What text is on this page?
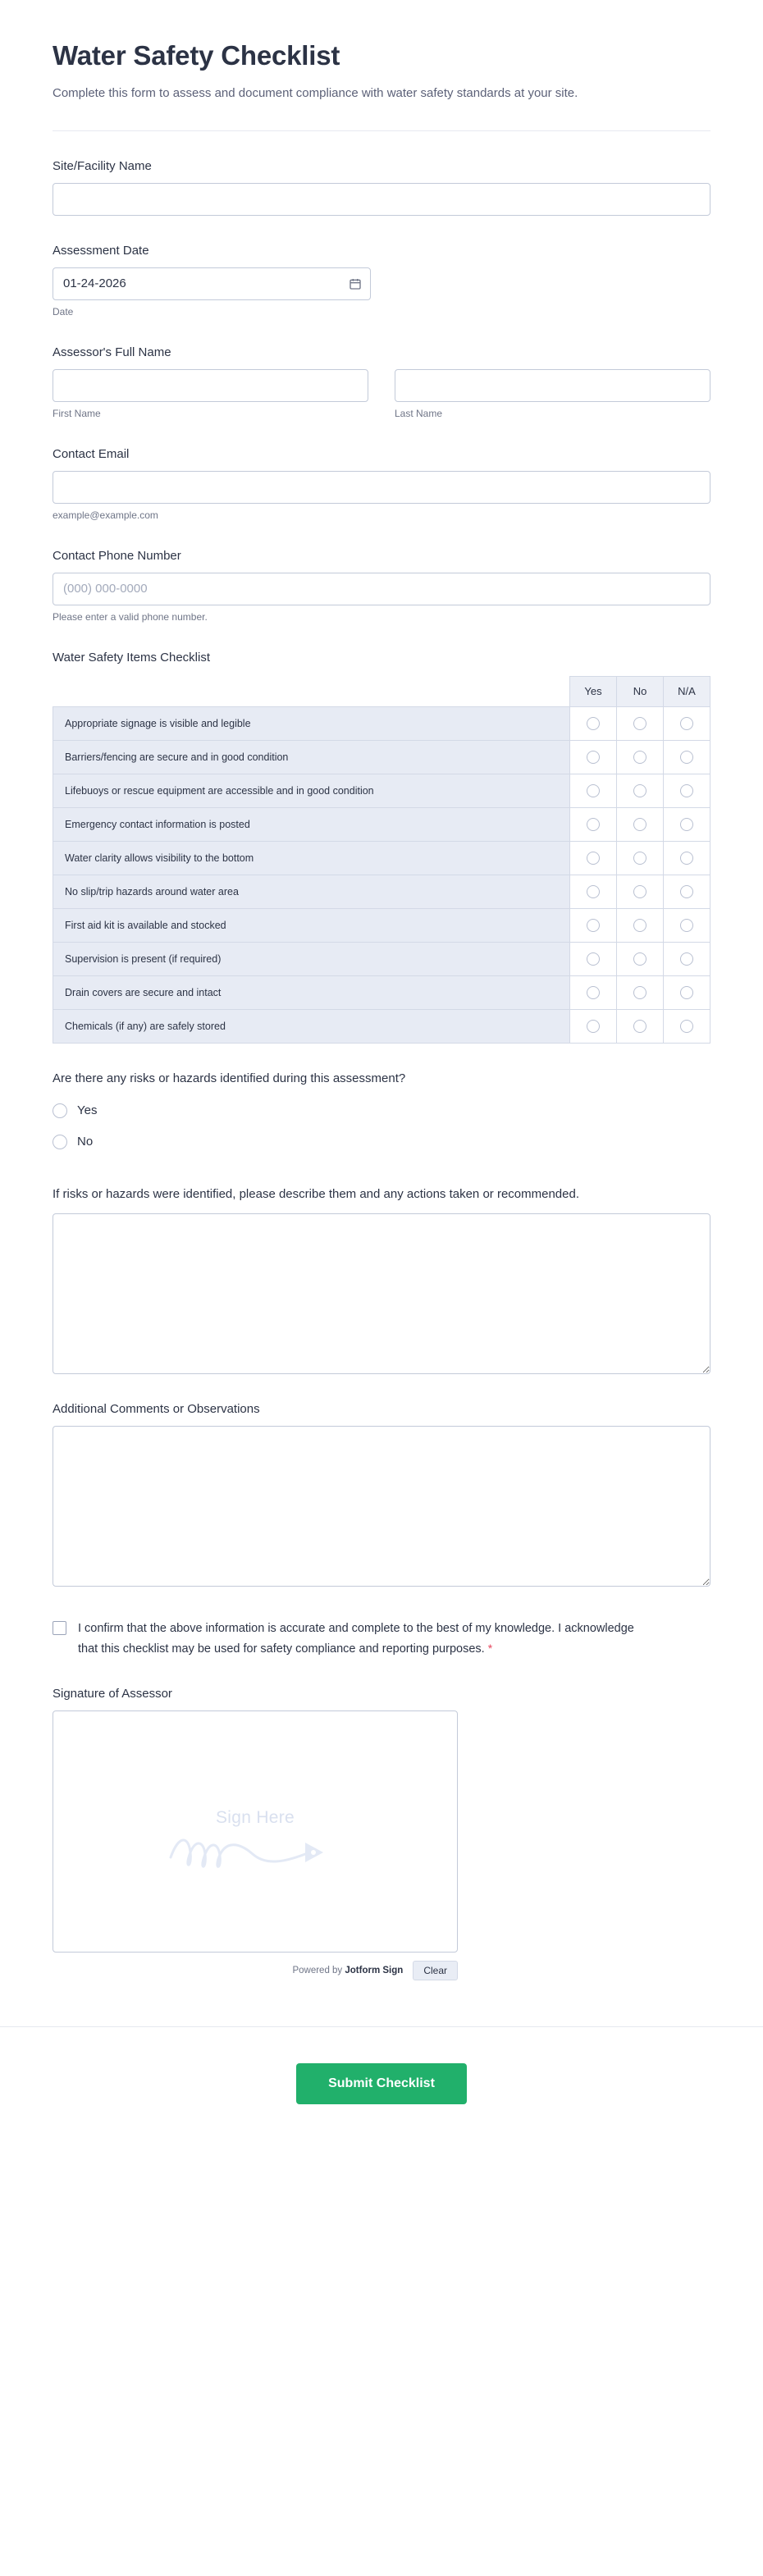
Water Safety Checklist

Complete this form to assess and document compliance with water safety standards at your site.

Site/Facility Name
Assessment Date
01-24-2026
Date
Assessor's Full Name
First Name	Last Name
Contact Email
example@example.com
Contact Phone Number
(000) 000-0000
Please enter a valid phone number.
Water Safety Items Checklist
	Yes	No	N/A
Appropriate signage is visible and legible			
Barriers/fencing are secure and in good condition			
Lifebuoys or rescue equipment are accessible and in good condition			
Emergency contact information is posted			
Water clarity allows visibility to the bottom			
No slip/trip hazards around water area			
First aid kit is available and stocked			
Supervision is present (if required)			
Drain covers are secure and intact			
Chemicals (if any) are safely stored			
Are there any risks or hazards identified during this assessment?
Yes
No
If risks or hazards were identified, please describe them and any actions taken or recommended.
Additional Comments or Observations
I confirm that the above information is accurate and complete to the best of my knowledge. I acknowledge that this checklist may be used for safety compliance and reporting purposes. *
Signature of Assessor
Sign Here
Powered by Jotform Sign	Clear
Submit Checklist
